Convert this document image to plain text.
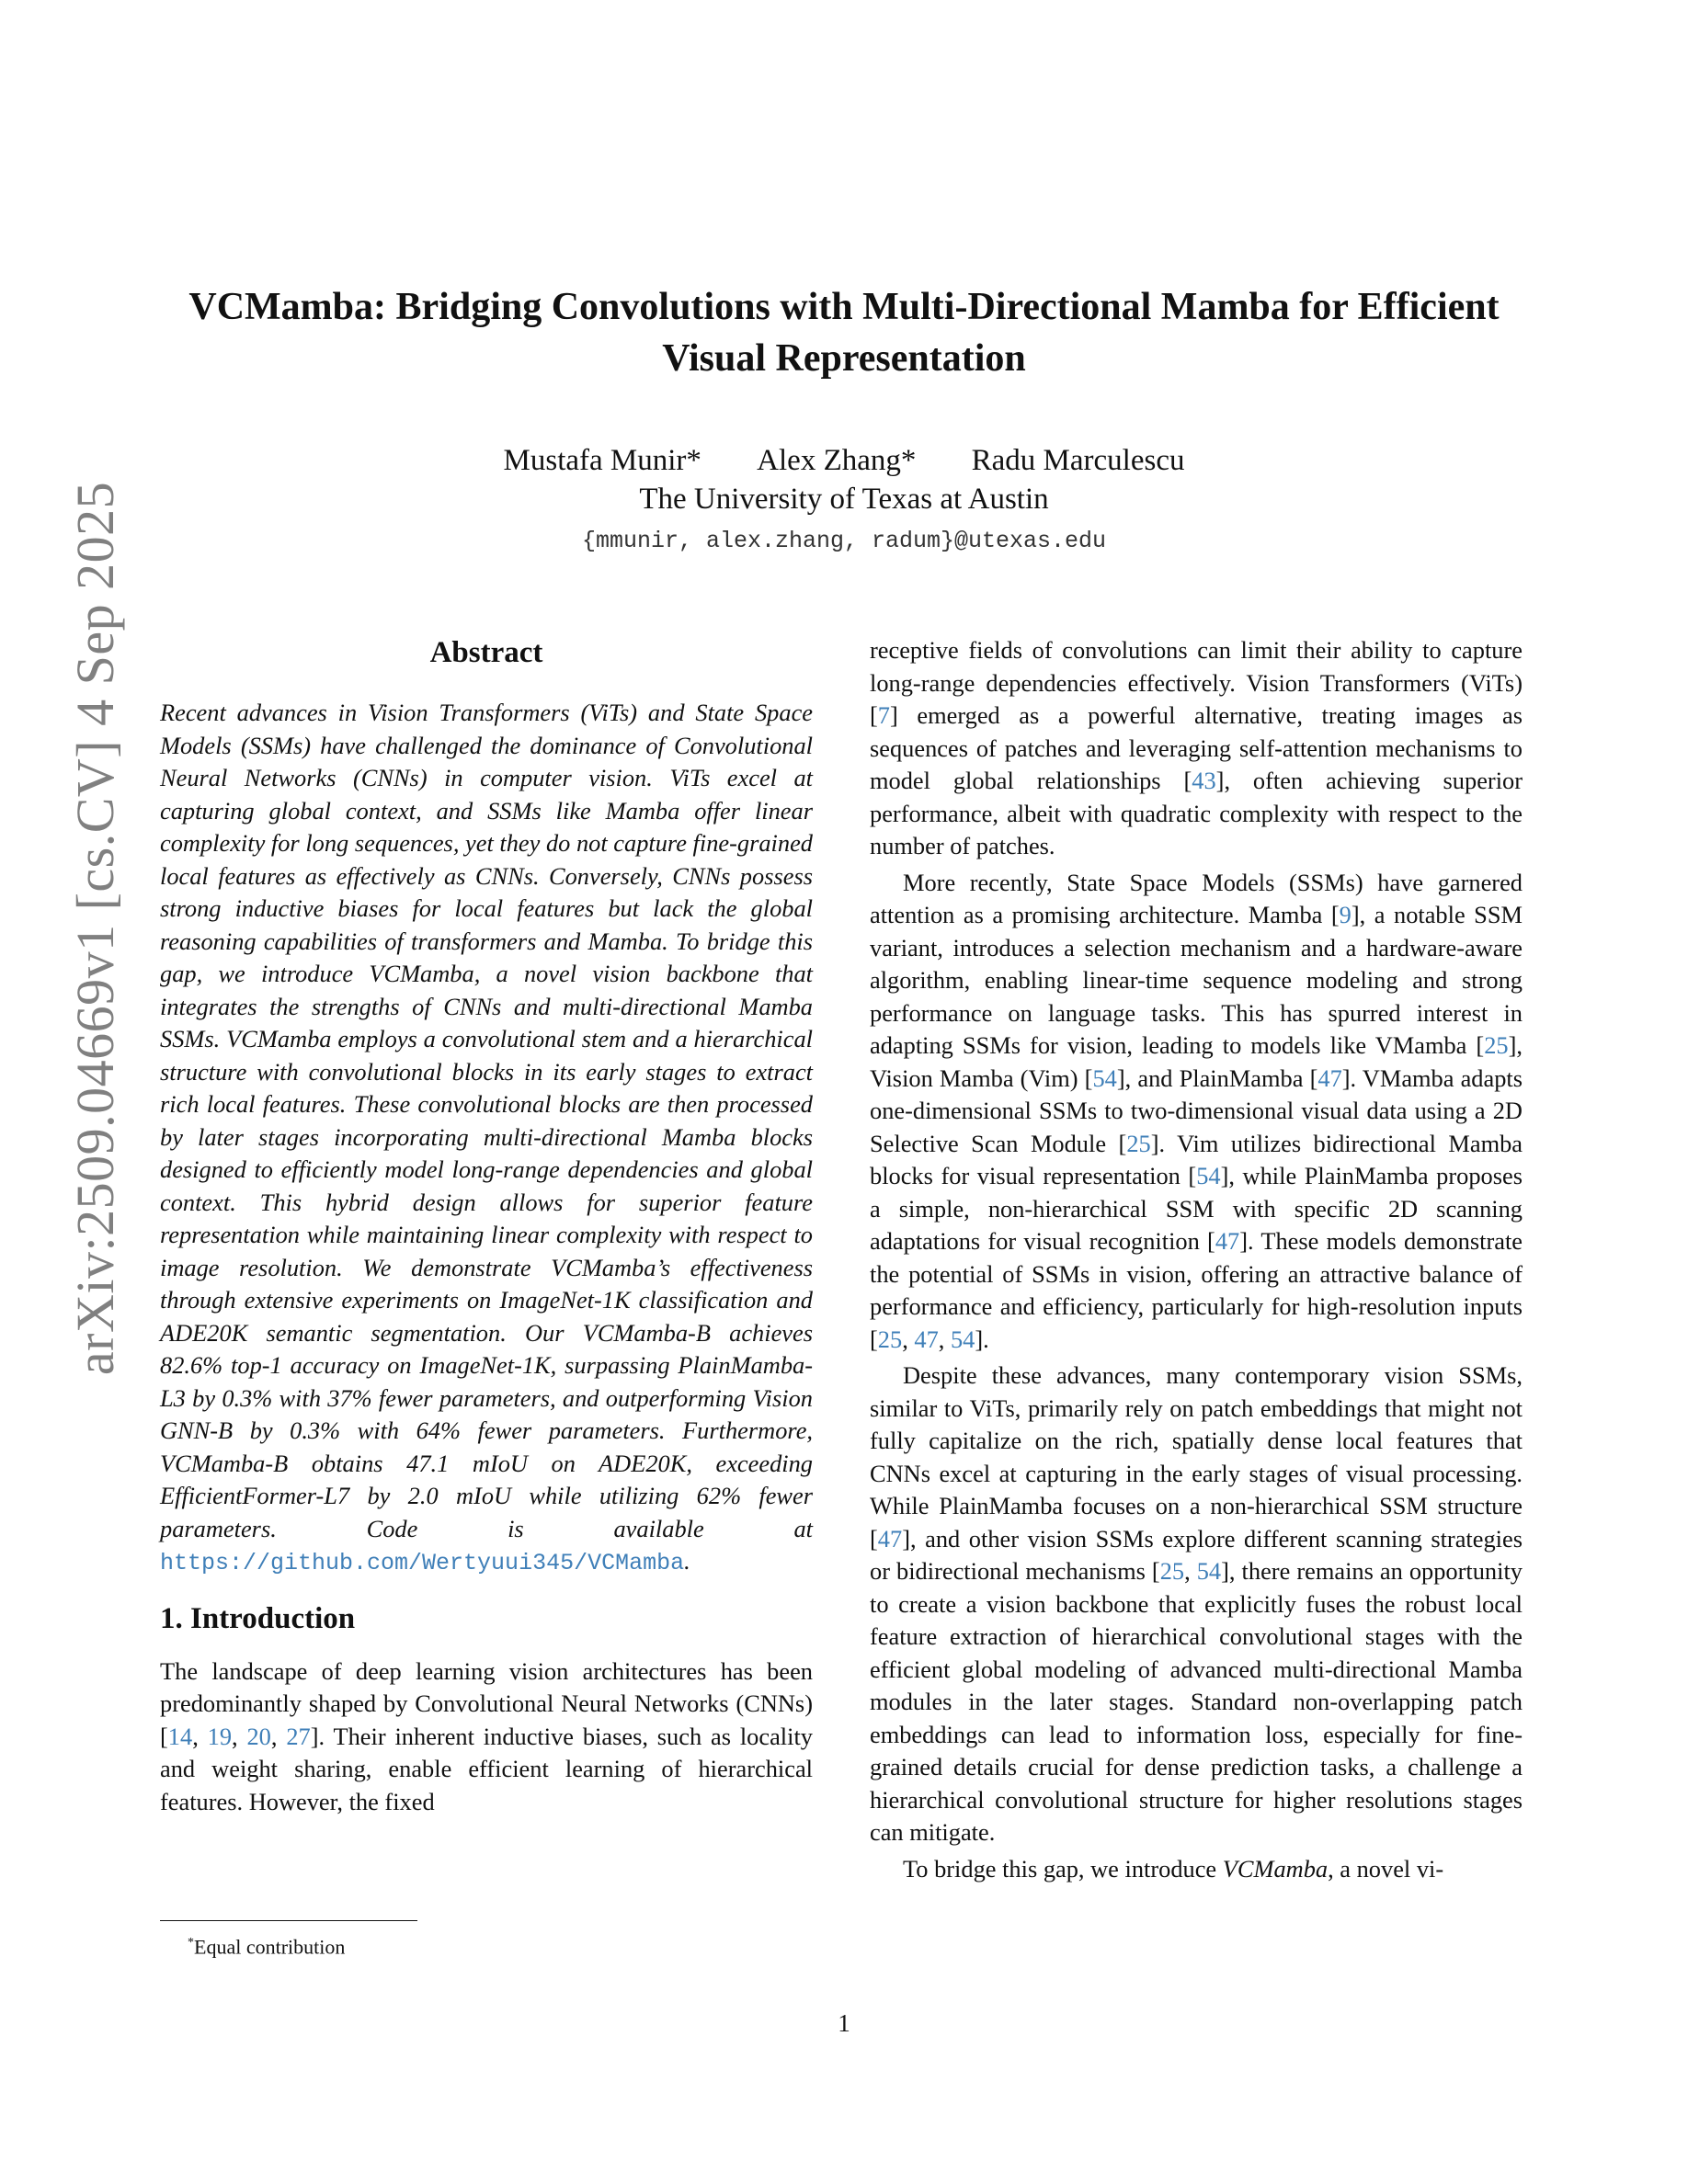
arXiv:2509.04669v1 [cs.CV] 4 Sep 2025
VCMamba: Bridging Convolutions with Multi-Directional Mamba for Efficient Visual Representation
Mustafa Munir* Alex Zhang* Radu Marculescu
The University of Texas at Austin
{mmunir, alex.zhang, radum}@utexas.edu
Abstract

Recent advances in Vision Transformers (ViTs) and State Space Models (SSMs) have challenged the dominance of Convolutional Neural Networks (CNNs) in computer vision. ViTs excel at capturing global context, and SSMs like Mamba offer linear complexity for long sequences, yet they do not capture fine-grained local features as effectively as CNNs. Conversely, CNNs possess strong inductive biases for local features but lack the global reasoning capabilities of transformers and Mamba. To bridge this gap, we introduce VCMamba, a novel vision backbone that integrates the strengths of CNNs and multi-directional Mamba SSMs. VCMamba employs a convolutional stem and a hierarchical structure with convolutional blocks in its early stages to extract rich local features. These convolutional blocks are then processed by later stages incorporating multi-directional Mamba blocks designed to efficiently model long-range dependencies and global context. This hybrid design allows for superior feature representation while maintaining linear complexity with respect to image resolution. We demonstrate VCMamba’s effectiveness through extensive experiments on ImageNet-1K classification and ADE20K semantic segmentation. Our VCMamba-B achieves 82.6% top-1 accuracy on ImageNet-1K, surpassing PlainMamba-L3 by 0.3% with 37% fewer parameters, and outperforming Vision GNN-B by 0.3% with 64% fewer parameters. Furthermore, VCMamba-B obtains 47.1 mIoU on ADE20K, exceeding EfficientFormer-L7 by 2.0 mIoU while utilizing 62% fewer parameters. Code is available at https://github.com/Wertyuui345/VCMamba.

1. Introduction

The landscape of deep learning vision architectures has been predominantly shaped by Convolutional Neural Networks (CNNs) [14, 19, 20, 27]. Their inherent inductive biases, such as locality and weight sharing, enable efficient learning of hierarchical features. However, the fixed

receptive fields of convolutions can limit their ability to capture long-range dependencies effectively. Vision Transformers (ViTs) [7] emerged as a powerful alternative, treating images as sequences of patches and leveraging self-attention mechanisms to model global relationships [43], often achieving superior performance, albeit with quadratic complexity with respect to the number of patches.

More recently, State Space Models (SSMs) have garnered attention as a promising architecture. Mamba [9], a notable SSM variant, introduces a selection mechanism and a hardware-aware algorithm, enabling linear-time sequence modeling and strong performance on language tasks. This has spurred interest in adapting SSMs for vision, leading to models like VMamba [25], Vision Mamba (Vim) [54], and PlainMamba [47]. VMamba adapts one-dimensional SSMs to two-dimensional visual data using a 2D Selective Scan Module [25]. Vim utilizes bidirectional Mamba blocks for visual representation [54], while PlainMamba proposes a simple, non-hierarchical SSM with specific 2D scanning adaptations for visual recognition [47]. These models demonstrate the potential of SSMs in vision, offering an attractive balance of performance and efficiency, particularly for high-resolution inputs [25, 47, 54].

Despite these advances, many contemporary vision SSMs, similar to ViTs, primarily rely on patch embeddings that might not fully capitalize on the rich, spatially dense local features that CNNs excel at capturing in the early stages of visual processing. While PlainMamba focuses on a non-hierarchical SSM structure [47], and other vision SSMs explore different scanning strategies or bidirectional mechanisms [25, 54], there remains an opportunity to create a vision backbone that explicitly fuses the robust local feature extraction of hierarchical convolutional stages with the efficient global modeling of advanced multi-directional Mamba modules in the later stages. Standard non-overlapping patch embeddings can lead to information loss, especially for fine-grained details crucial for dense prediction tasks, a challenge a hierarchical convolutional structure for higher resolutions stages can mitigate.

To bridge this gap, we introduce VCMamba, a novel vi-

*Equal contribution
1
